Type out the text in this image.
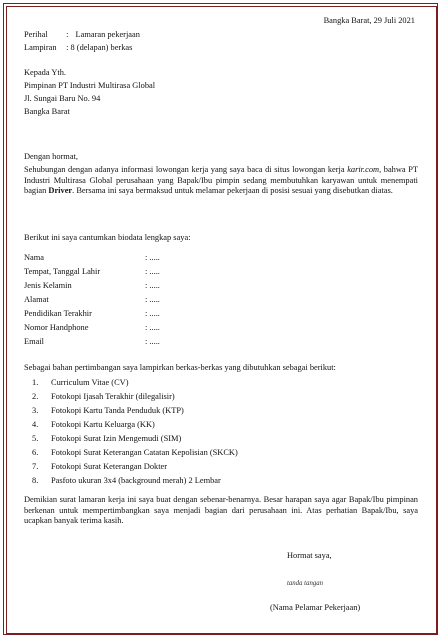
Bangka Barat, 29 Juli 2021
Perihal : Lamaran pekerjaan
Lampiran : 8 (delapan) berkas
Kepada Yth.
Pimpinan PT Industri Multirasa Global
Jl. Sungai Baru No. 94
Bangka Barat
Dengan hormat,
Sehubungan dengan adanya informasi lowongan kerja yang saya baca di situs lowongan kerja karir.com, bahwa PT Industri Multirasa Global perusahaan yang Bapak/Ibu pimpin sedang membutuhkan karyawan untuk menempati bagian Driver. Bersama ini saya bermaksud untuk melamar pekerjaan di posisi sesuai yang disebutkan diatas.
Berikut ini saya cantumkan biodata lengkap saya:
Nama	: .....
Tempat, Tanggal Lahir	: .....
Jenis Kelamin	: .....
Alamat	: .....
Pendidikan Terakhir	: .....
Nomor Handphone	: .....
Email	: .....
Sebagai bahan pertimbangan saya lampirkan berkas-berkas yang dibutuhkan sebagai berikut:
1.	Curriculum Vitae (CV)
2.	Fotokopi Ijasah Terakhir (dilegalisir)
3.	Fotokopi Kartu Tanda Penduduk (KTP)
4.	Fotokopi Kartu Keluarga (KK)
5.	Fotokopi Surat Izin Mengemudi (SIM)
6.	Fotokopi Surat Keterangan Catatan Kepolisian (SKCK)
7.	Fotokopi Surat Keterangan Dokter
8.	Pasfoto ukuran 3x4 (background merah) 2 Lembar
Demikian surat lamaran kerja ini saya buat dengan sebenar-benarnya. Besar harapan saya agar Bapak/Ibu pimpinan berkenan untuk mempertimbangkan saya menjadi bagian dari perusahaan ini. Atas perhatian Bapak/Ibu, saya ucapkan banyak terima kasih.
Hormat saya,
tanda tangan
(Nama Pelamar Pekerjaan)
